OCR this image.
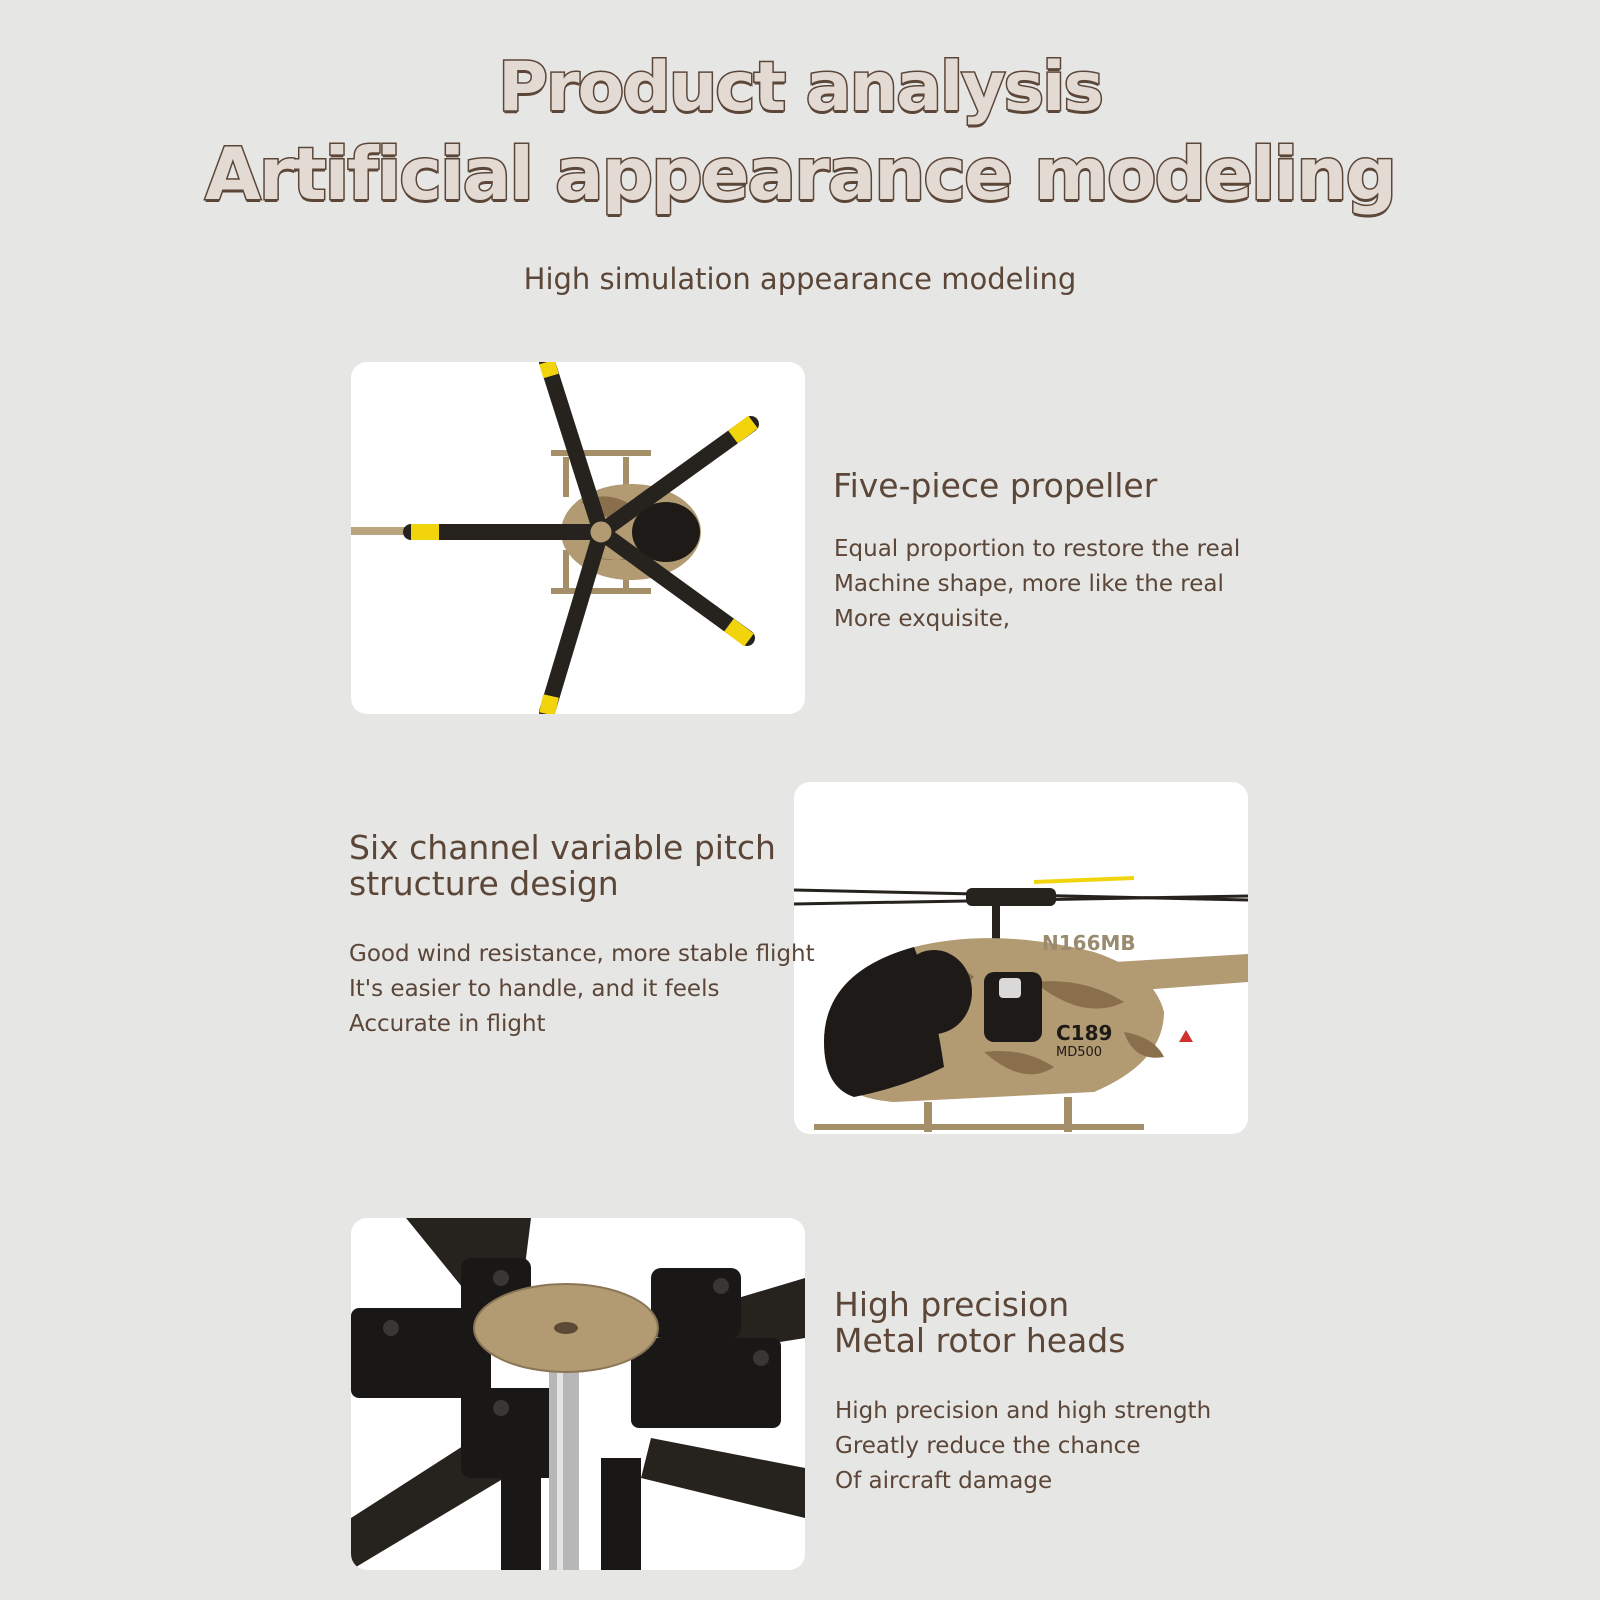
Product analysis
Artificial appearance modeling
High simulation appearance modeling
N166MB
C189
MD500
Five-piece propeller
Equal proportion to restore the real
Machine shape, more like the real
More exquisite,
Six channel variable pitch
structure design
Good wind resistance, more stable flight
It's easier to handle, and it feels
Accurate in flight
High precision
Metal rotor heads
High precision and high strength
Greatly reduce the chance
Of aircraft damage
